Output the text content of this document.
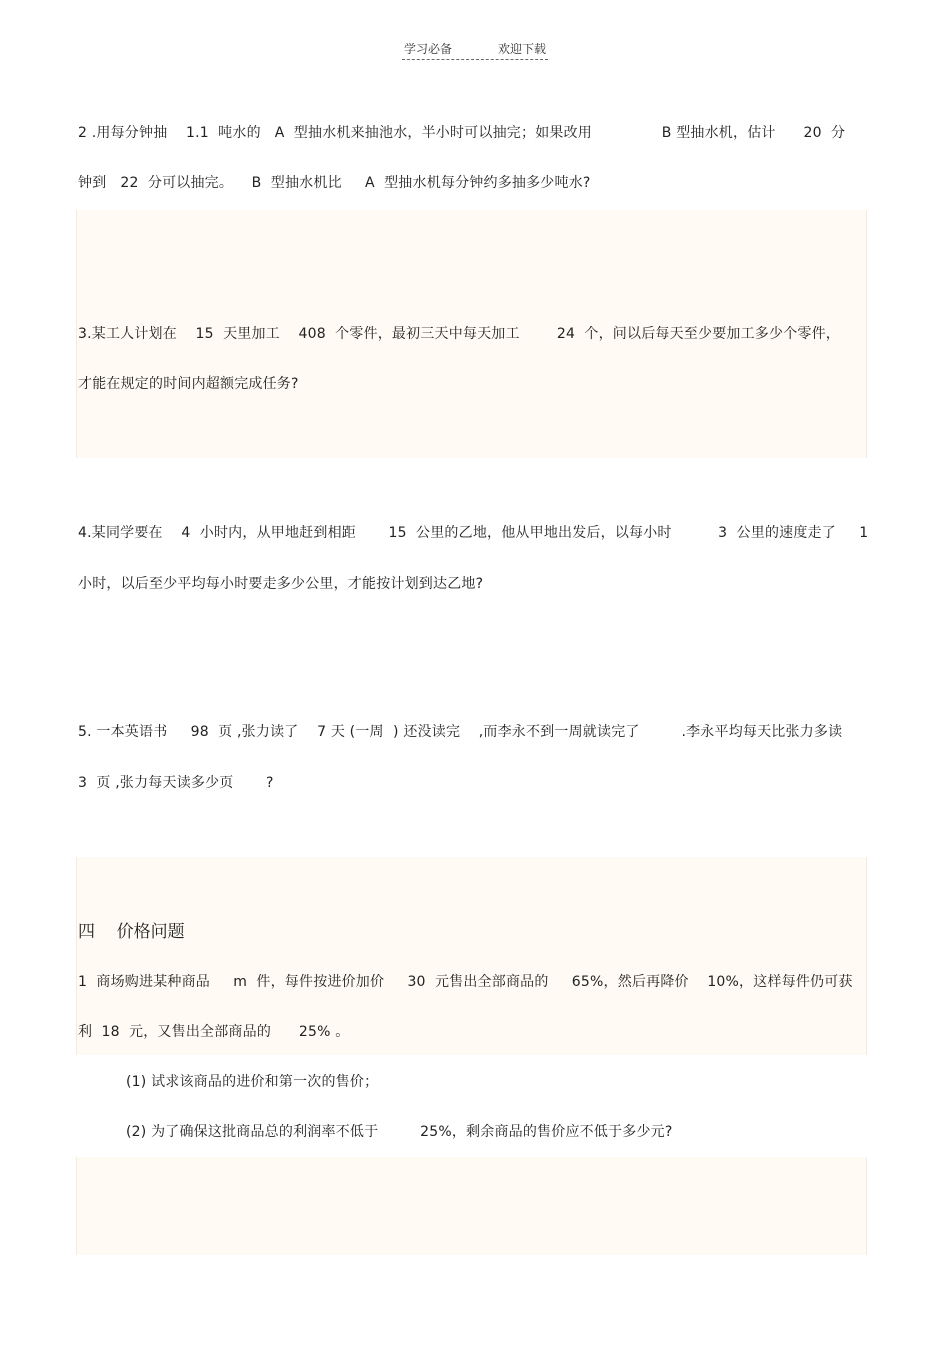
学习必备	欢迎下载
2 .用每分钟抽    1.1  吨水的   A  型抽水机来抽池水，半小时可以抽完；如果改用               B 型抽水机，估计      20  分
钟到   22  分可以抽完。    B  型抽水机比     A  型抽水机每分钟约多抽多少吨水?
3.某工人计划在    15  天里加工    408  个零件，最初三天中每天加工        24  个，问以后每天至少要加工多少个零件，
才能在规定的时间内超额完成任务?
4.某同学要在    4  小时内，从甲地赶到相距       15  公里的乙地，他从甲地出发后，以每小时          3  公里的速度走了     1
小时，以后至少平均每小时要走多少公里，才能按计划到达乙地?
5. 一本英语书     98  页 ,张力读了    7 天 (一周  ) 还没读完    ,而李永不到一周就读完了         .李永平均每天比张力多读
3  页 ,张力每天读多少页       ?
四    价格问题
1  商场购进某种商品     m  件，每件按进价加价     30  元售出全部商品的     65%，然后再降价    10%，这样每件仍可获
利  18  元，又售出全部商品的      25% 。
(1) 试求该商品的进价和第一次的售价；
(2) 为了确保这批商品总的利润率不低于         25%，剩余商品的售价应不低于多少元?
